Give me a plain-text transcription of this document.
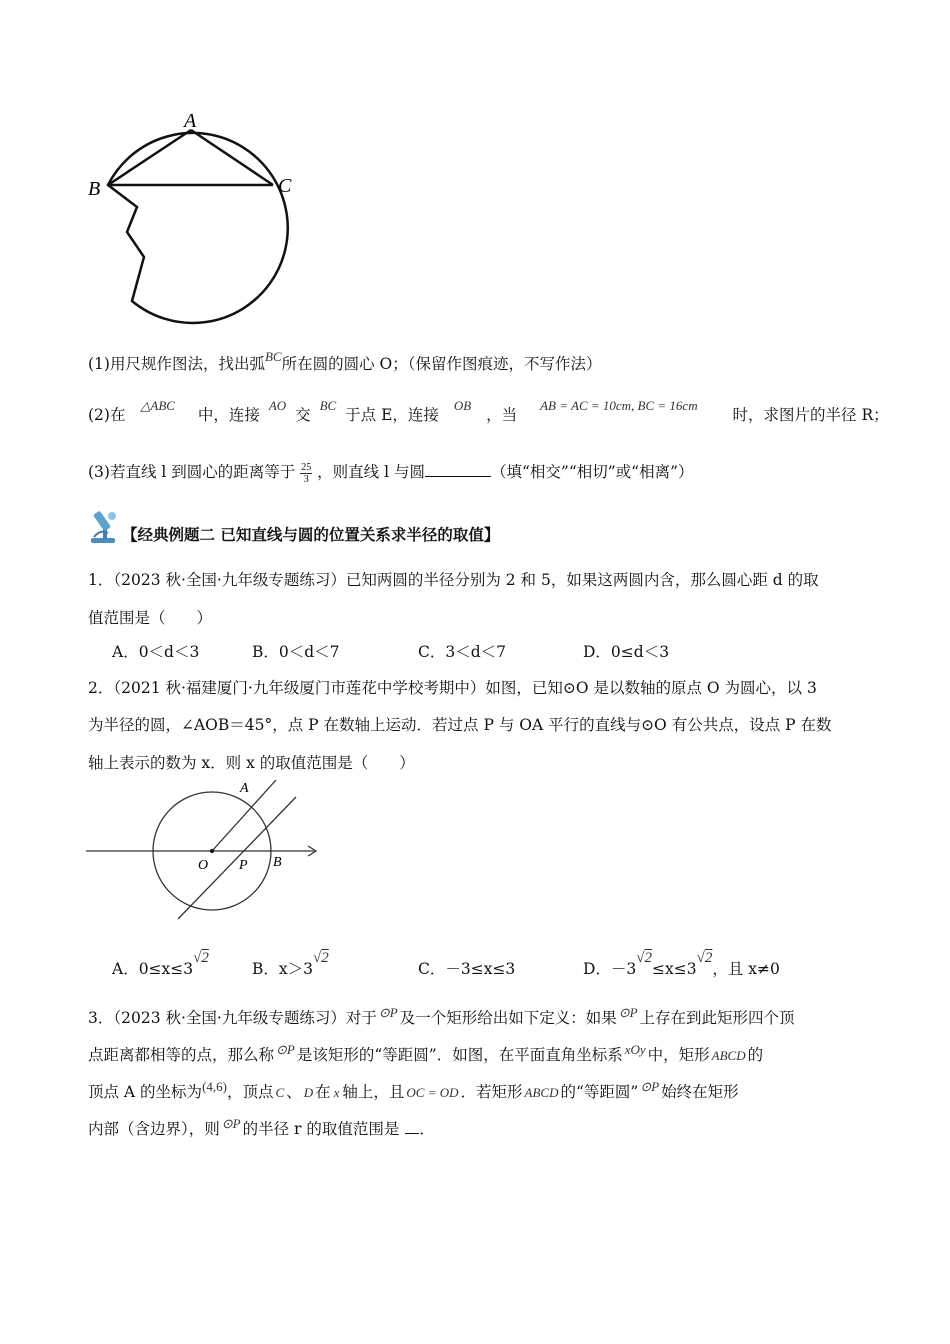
A
B	C
(1)用尺规作图法，找出弧$^{BC}$所在圆的圆心 O；（保留作图痕迹，不写作法）
(2)在 $^{\triangle ABC}$ 中，连接 $^{AO}$ 交 $^{BC}$ 于点 E，连接 $^{OB}$ ，当 $^{AB = AC = 10cm, BC = 16cm}$ 时，求图片的半径 R；
(3)若直线 l 到圆心的距离等于 $\frac{25}{3}$ ，则直线 l 与圆	（填“相交”“相切”或“相离”）
【经典例题二 已知直线与圆的位置关系求半径的取值】
1．（2023 秋·全国·九年级专题练习）已知两圆的半径分别为 2 和 5，如果这两圆内含，那么圆心距 d 的取
值范围是（　　）
A．0＜d＜3	B．0＜d＜7	C．3＜d＜7	D．0≤d＜3
2．（2021 秋·福建厦门·九年级厦门市莲花中学校考期中）如图，已知⊙O 是以数轴的原点 O 为圆心，以 3
为半径的圆，∠AOB＝45°，点 P 在数轴上运动．若过点 P 与 OA 平行的直线与⊙O 有公共点，设点 P 在数
轴上表示的数为 x．则 x 的取值范围是（　　）
A
O P B
A．0≤x≤3√2
B．x＞3√2
C．－3≤x≤3	D．－3√2≤x≤3√2，且 x≠0
3．（2023 秋·全国·九年级专题练习）对于 $^{⊙P}$ 及一个矩形给出如下定义：如果 $^{⊙P}$ 上存在到此矩形四个顶
点距离都相等的点，那么称 $^{⊙P}$ 是该矩形的“等距圆”．如图，在平面直角坐标系 $^{xOy}$ 中，矩形 ABCD 的
顶点 A 的坐标为$^{(4,6)}$，顶点 C 、 D 在 x 轴上，且 OC = OD ．若矩形 ABCD 的“等距圆” $^{⊙P}$ 始终在矩形
内部（含边界），则 $^{⊙P}$ 的半径 r 的取值范围是 ．
